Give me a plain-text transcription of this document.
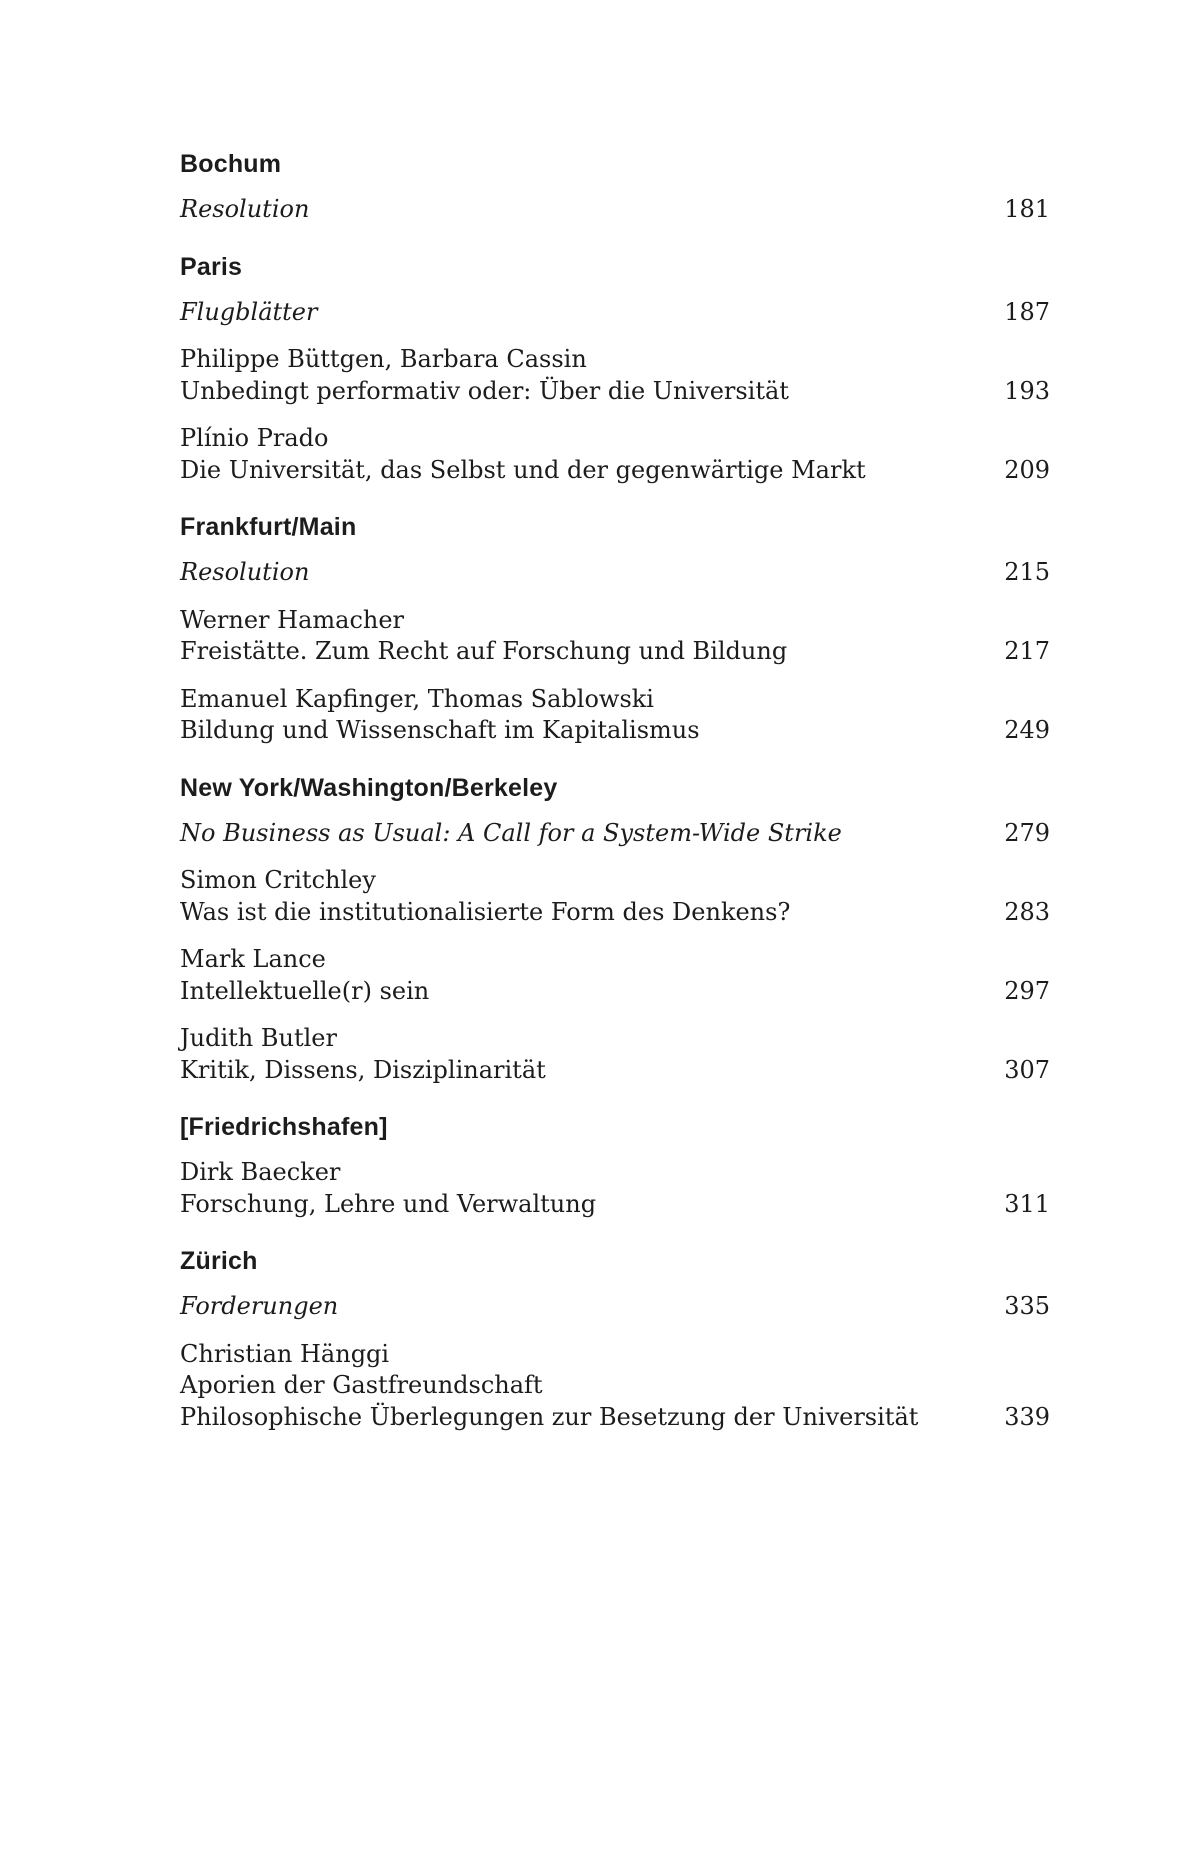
Bochum
Resolution	181
Paris
Flugblätter	187
Philippe Büttgen, Barbara Cassin
Unbedingt performativ oder: Über die Universität	193
Plínio Prado
Die Universität, das Selbst und der gegenwärtige Markt	209
Frankfurt/Main
Resolution	215
Werner Hamacher
Freistätte. Zum Recht auf Forschung und Bildung	217
Emanuel Kapfinger, Thomas Sablowski
Bildung und Wissenschaft im Kapitalismus	249
New York/Washington/Berkeley
No Business as Usual: A Call for a System-Wide Strike	279
Simon Critchley
Was ist die institutionalisierte Form des Denkens?	283
Mark Lance
Intellektuelle(r) sein	297
Judith Butler
Kritik, Dissens, Disziplinarität	307
[Friedrichshafen]
Dirk Baecker
Forschung, Lehre und Verwaltung	311
Zürich
Forderungen	335
Christian Hänggi
Aporien der Gastfreundschaft
Philosophische Überlegungen zur Besetzung der Universität	339
